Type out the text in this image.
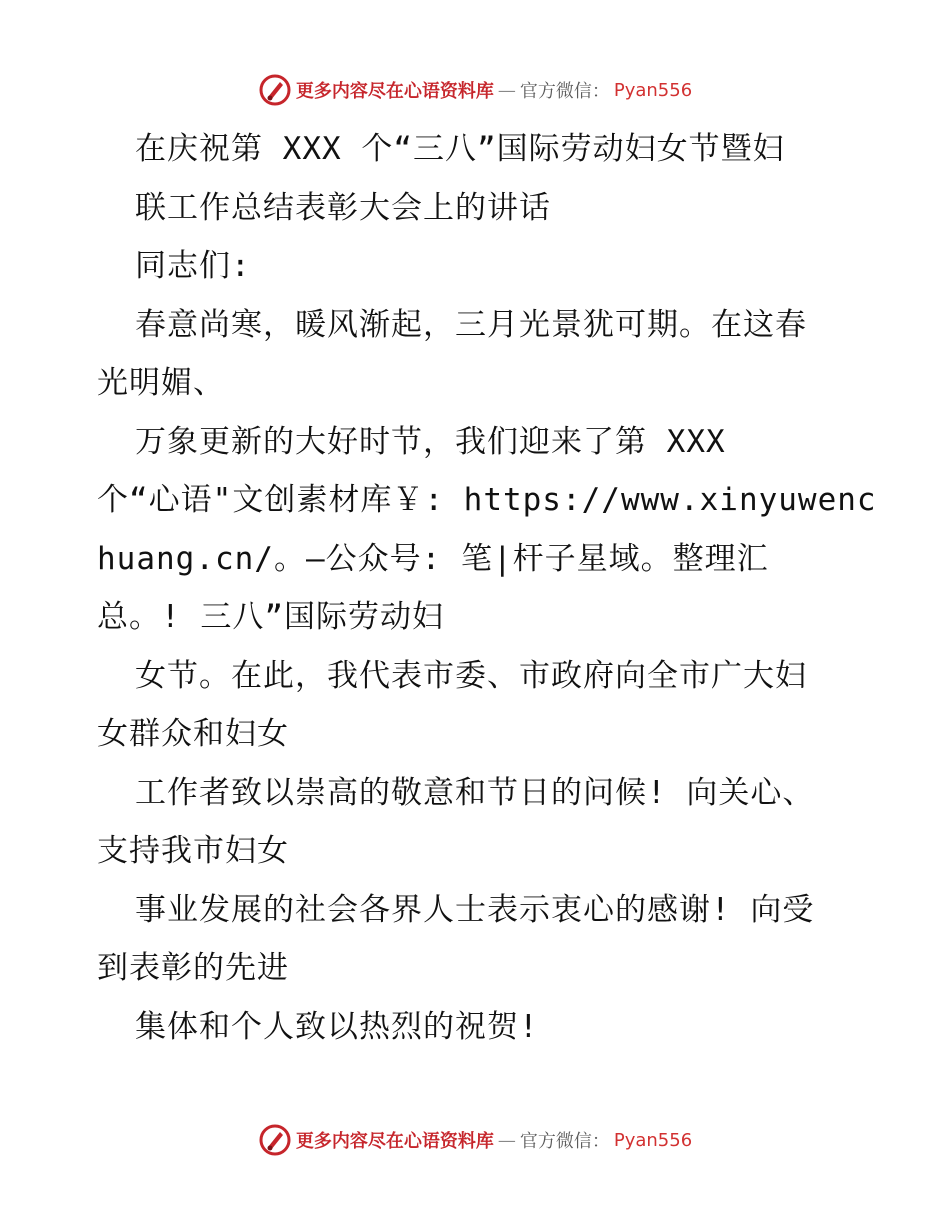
更多内容尽在心语资料库 — 官方微信： Pyan556
在庆祝第 XXX 个“三八”国际劳动妇女节暨妇
联工作总结表彰大会上的讲话
同志们:
春意尚寒，暖风渐起，三月光景犹可期。在这春
光明媚、
万象更新的大好时节，我们迎来了第 XXX
个“心语"文创素材库￥: https://www.xinyuwenc
huang.cn/。—公众号: 笔|杆子星域。整理汇
总。! 三八”国际劳动妇
女节。在此，我代表市委、市政府向全市广大妇
女群众和妇女
工作者致以崇高的敬意和节日的问候! 向关心、
支持我市妇女
事业发展的社会各界人士表示衷心的感谢! 向受
到表彰的先进
集体和个人致以热烈的祝贺!
更多内容尽在心语资料库 — 官方微信： Pyan556
